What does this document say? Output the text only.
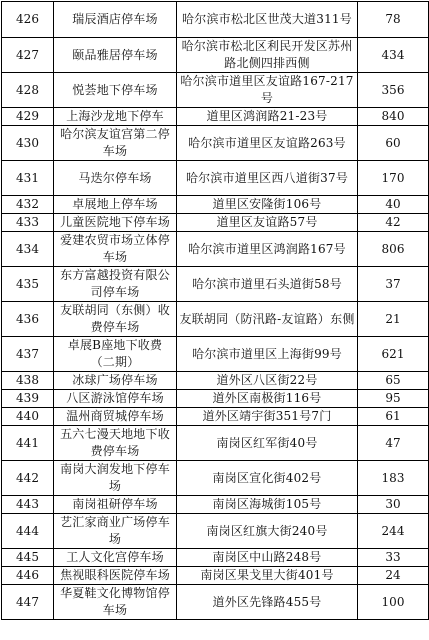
426	瑞辰酒店停车场	哈尔滨市松北区世茂大道311号	78
427	颐品雅居停车场	哈尔滨市松北区利民开发区苏州路北侧四排西侧	434
428	悦荟地下停车场	哈尔滨市道里区友谊路167-217号	356
429	上海沙龙地下停车	道里区鸿润路21-23号	840
430	哈尔滨友谊宫第二停车场	哈尔滨市道里区友谊路263号	60
431	马迭尔停车场	哈尔滨市道里区西八道街37号	170
432	卓展地上停车场	道里区安隆街106号	40
433	儿童医院地下停车场	道里区友谊路57号	42
434	爱建农贸市场立体停车场	哈尔滨市道里区鸿润路167号	806
435	东方富越投资有限公司停车场	哈尔滨市道里石头道街58号	37
436	友联胡同（东侧）收费停车场	友联胡同（防汛路-友谊路）东侧	21
437	卓展B座地下收费（二期）	哈尔滨市道里区上海街99号	621
438	冰球广场停车场	道外区八区街22号	65
439	八区游泳馆停车场	道外区南极街116号	95
440	温州商贸城停车场	道外区靖宇街351号7门	61
441	五六七漫天地地下收费停车场	南岗区红军街40号	47
442	南岗大润发地下停车场	南岗区宣化街402号	183
443	南岗祖研停车场	南岗区海城街105号	30
444	艺汇家商业广场停车场	南岗区红旗大街240号	244
445	工人文化宫停车场	南岗区中山路248号	33
446	焦视眼科医院停车场	南岗区果戈里大街401号	24
447	华夏鞋文化博物馆停车场	道外区先锋路455号	100
